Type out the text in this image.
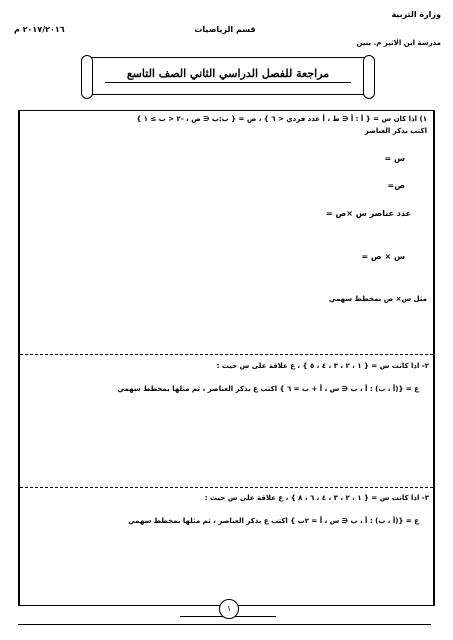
وزارة التربية
مدرسة ابن الاثير م. بنين
قسم الرياضيات
٢٠١٧/٢٠١٦ م
مراجعة للفصل الدراسي الثاني الصف التاسع
١) اذا كان س = { أ : أ ∈ ط ، أ عدد فردي < ٦ } ، ص = { ب:ب ∈ ص ، -٢ < ب ≥ ١ }
اكتب بذكر العناصر
س =
ص=
عدد عناصر س ×ص =
س × ص =
مثل س× ص بمخطط سهمي
٢- اذا كانت س = { ١ ، ٢ ، ٣ ، ٤ ، ٥ } ، ع علاقة على س حيث :
ع = {(أ ، ب) : أ ، ب ∈ س ، أ + ب = ٦ } اكتب ع بذكر العناصر ، ثم مثلها بمخطط سهمي
٣- اذا كانت س = { ١ ، ٢ ، ٣ ، ٤ ، ٦ ، ٨ } ، ع علاقة على س حيث :
ع = {(أ ، ب) : أ ، ب ∈ س ، أ = ٢ب } اكتب ع بذكر العناصر ، ثم مثلها بمخطط سهمي
١
